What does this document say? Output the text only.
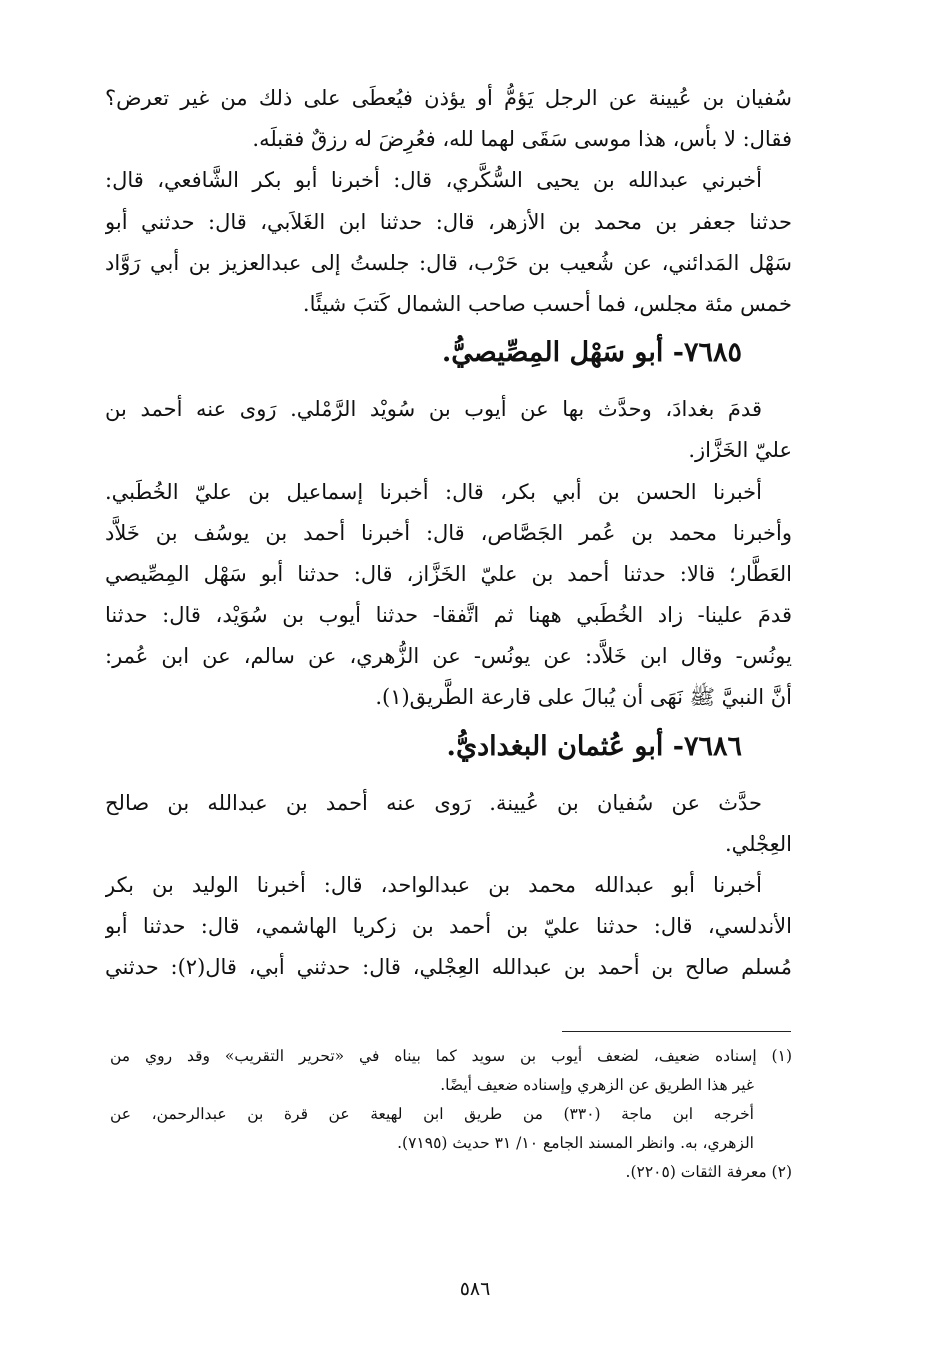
سُفيان بن عُيينة عن الرجل يَؤمُّ أو يؤذن فيُعطَى على ذلك من غير تعرض؟
فقال: لا بأس، هذا موسى سَقَى لهما لله، فعُرِضَ له رزقٌ فقبلَه.
أخبرني عبدالله بن يحيى السُّكَّري، قال: أخبرنا أبو بكر الشَّافعي، قال:
حدثنا جعفر بن محمد بن الأزهر، قال: حدثنا ابن الغَلاَبي، قال: حدثني أبو
سَهْل المَدائني، عن شُعيب بن حَرْب، قال: جلستُ إلى عبدالعزيز بن أبي رَوَّاد
خمس مئة مجلس، فما أحسب صاحب الشمال كَتبَ شيئًا.
٧٦٨٥- أبو سَهْل المِصِّيصيُّ.
قدمَ بغدادَ، وحدَّث بها عن أيوب بن سُويْد الرَّمْلي. رَوى عنه أحمد بن
عليّ الخَزَّاز.
أخبرنا الحسن بن أبي بكر، قال: أخبرنا إسماعيل بن عليّ الخُطَبي.
وأخبرنا محمد بن عُمر الجَصَّاص، قال: أخبرنا أحمد بن يوسُف بن خَلاَّد
العَطَّار؛ قالا: حدثنا أحمد بن عليّ الخَزَّاز، قال: حدثنا أبو سَهْل المِصِّيصي
قدمَ علينا- زاد الخُطَبي ههنا ثم اتَّفقا- حدثنا أيوب بن سُوَيْد، قال: حدثنا
يونُس- وقال ابن خَلاَّد: عن يونُس- عن الزُّهري، عن سالم، عن ابن عُمر:
أنَّ النبيَّ ﷺ نَهَى أن يُبالَ على قارعة الطَّريق(١).
٧٦٨٦- أبو عُثمان البغداديُّ.
حدَّث عن سُفيان بن عُيينة. رَوى عنه أحمد بن عبدالله بن صالح
العِجْلي.
أخبرنا أبو عبدالله محمد بن عبدالواحد، قال: أخبرنا الوليد بن بكر
الأندلسي، قال: حدثنا عليّ بن أحمد بن زكريا الهاشمي، قال: حدثنا أبو
مُسلم صالح بن أحمد بن عبدالله العِجْلي، قال: حدثني أبي، قال(٢): حدثني
(١) إسناده ضعيف، لضعف أيوب بن سويد كما بيناه في «تحرير التقريب» وقد روي من
غير هذا الطريق عن الزهري وإسناده ضعيف أيضًا.
أخرجه ابن ماجة (٣٣٠) من طريق ابن لهيعة عن قرة بن عبدالرحمن، عن
الزهري، به. وانظر المسند الجامع ١٠/ ٣١ حديث (٧١٩٥).
(٢) معرفة الثقات (٢٢٠٥).
٥٨٦
